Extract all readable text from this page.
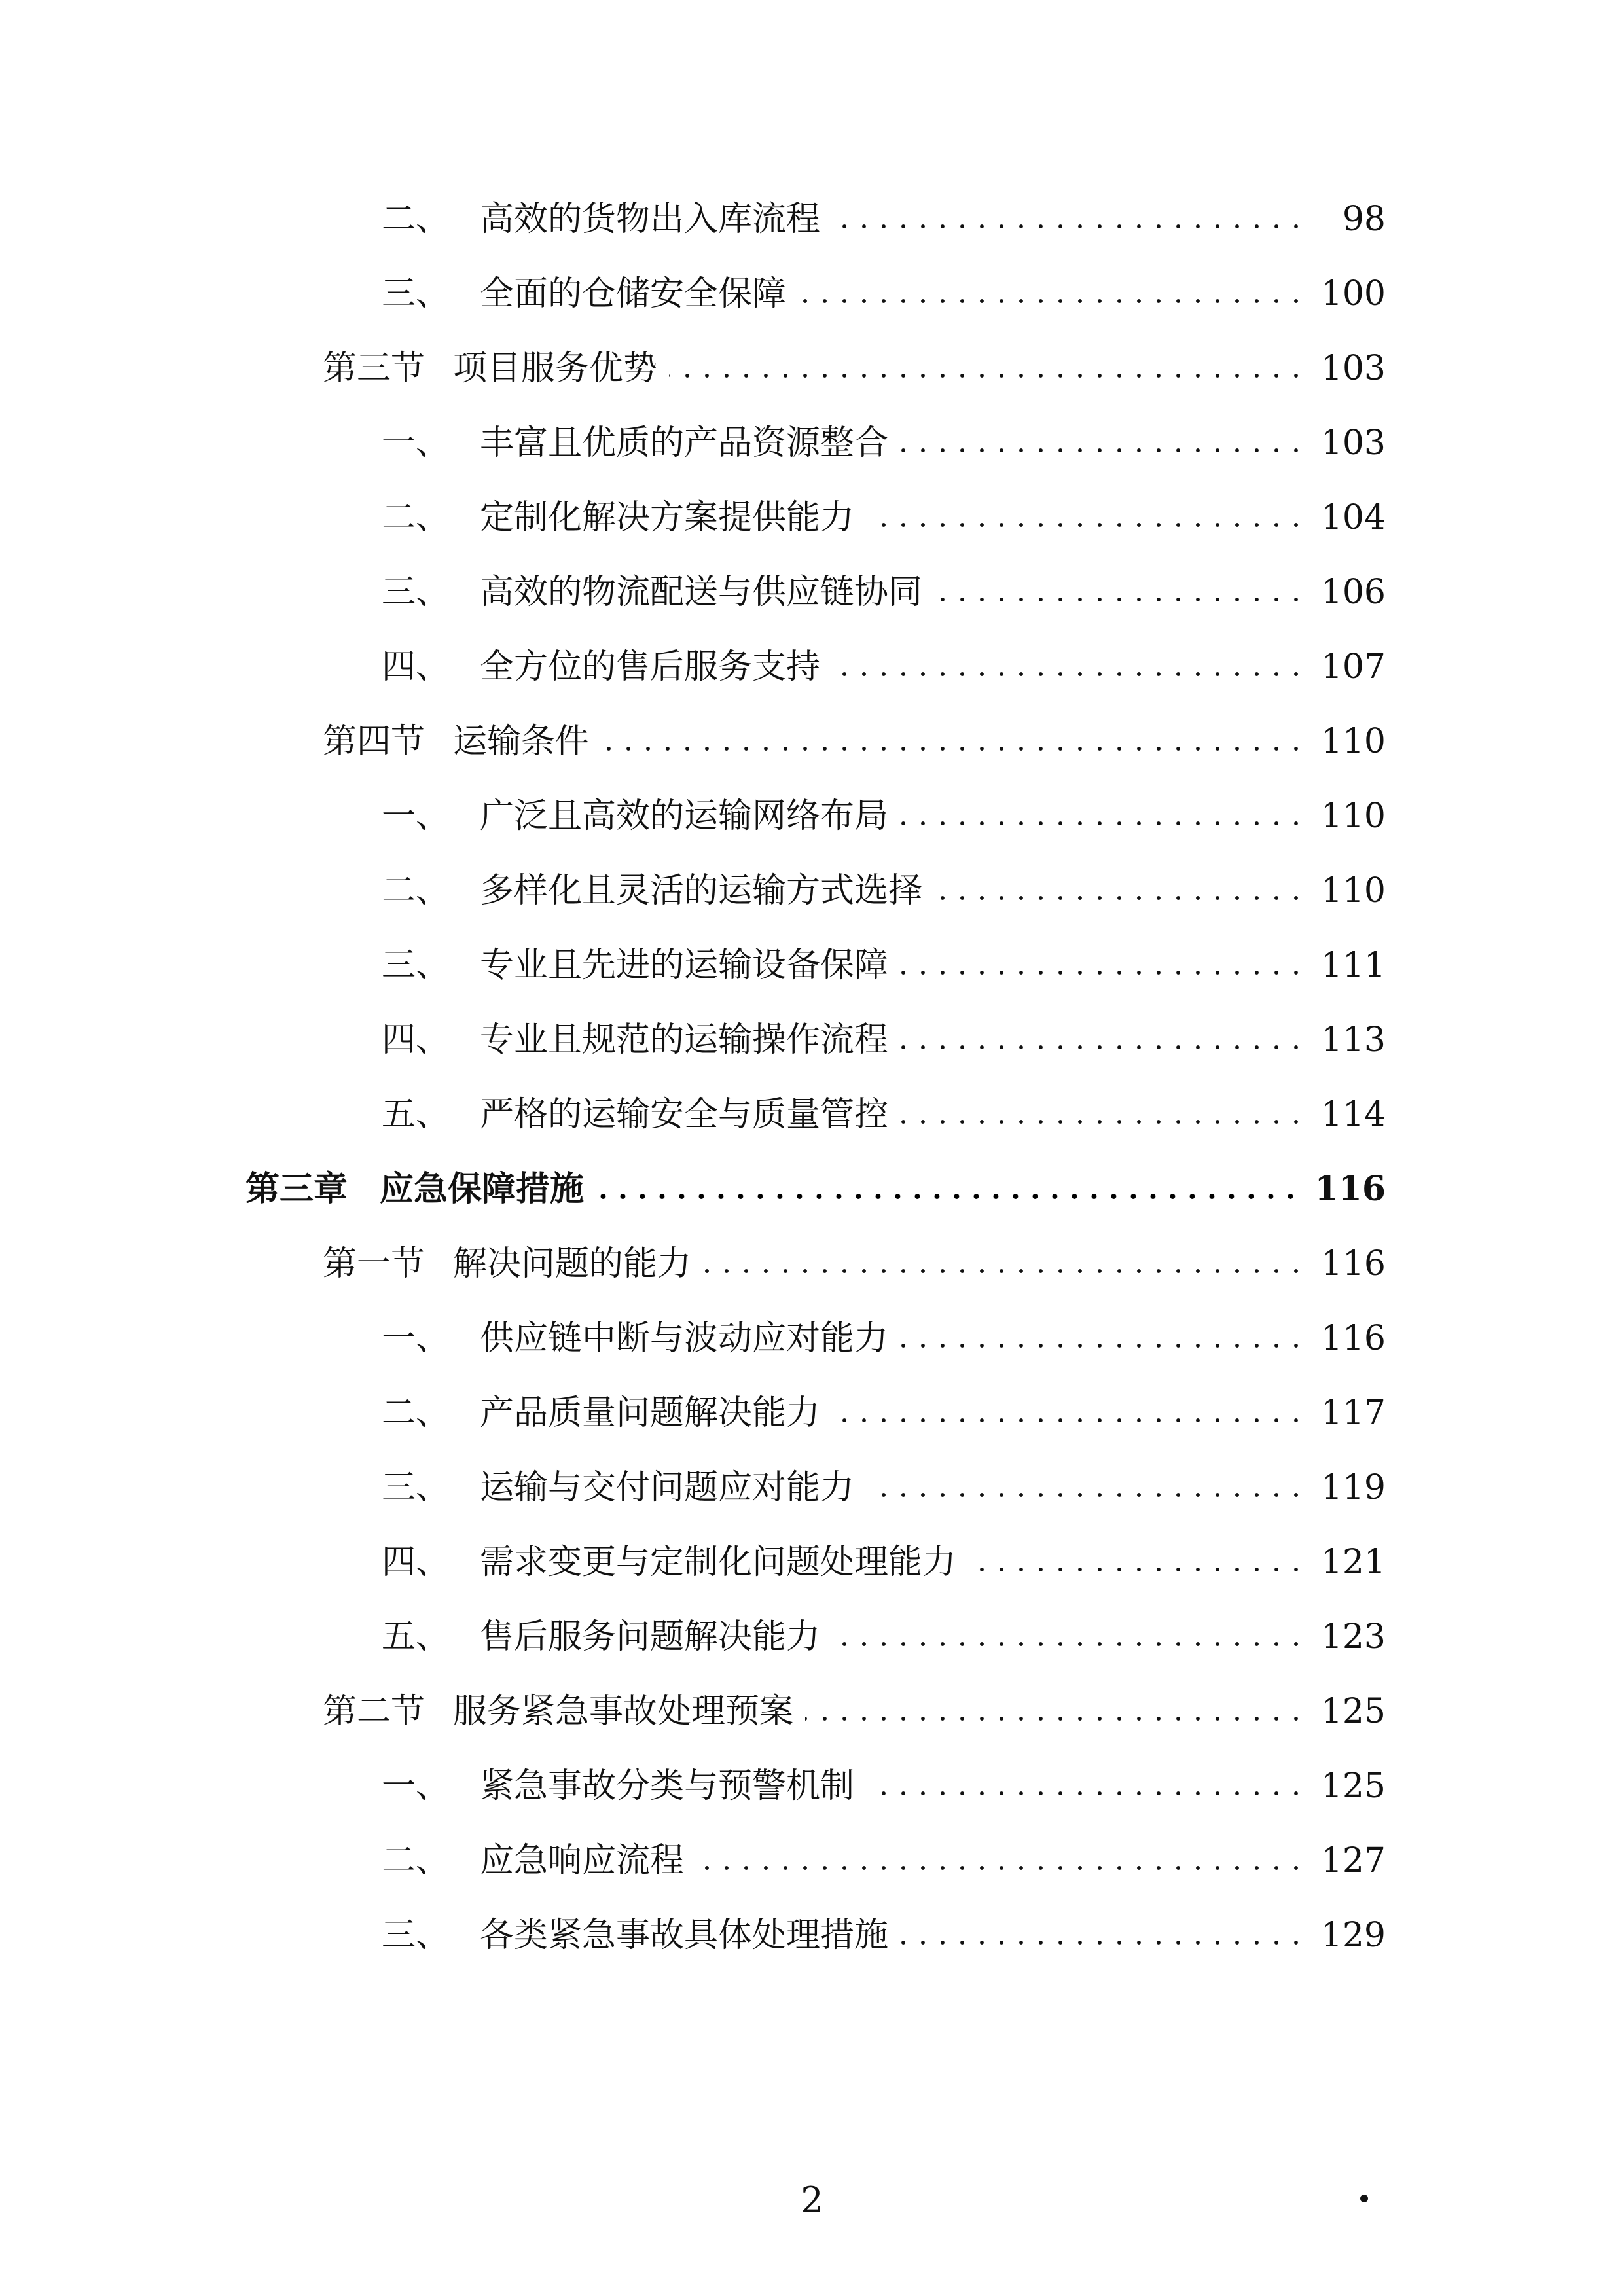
二、 高效的货物出入库流程	98
三、 全面的仓储安全保障	100
第三节 项目服务优势	103
一、 丰富且优质的产品资源整合	103
二、 定制化解决方案提供能力	104
三、 高效的物流配送与供应链协同	106
四、 全方位的售后服务支持	107
第四节 运输条件	110
一、 广泛且高效的运输网络布局	110
二、 多样化且灵活的运输方式选择	110
三、 专业且先进的运输设备保障	111
四、 专业且规范的运输操作流程	113
五、 严格的运输安全与质量管控	114
第三章 应急保障措施	116
第一节 解决问题的能力	116
一、 供应链中断与波动应对能力	116
二、 产品质量问题解决能力	117
三、 运输与交付问题应对能力	119
四、 需求变更与定制化问题处理能力	121
五、 售后服务问题解决能力	123
第二节 服务紧急事故处理预案	125
一、 紧急事故分类与预警机制	125
二、 应急响应流程	127
三、 各类紧急事故具体处理措施	129
2
